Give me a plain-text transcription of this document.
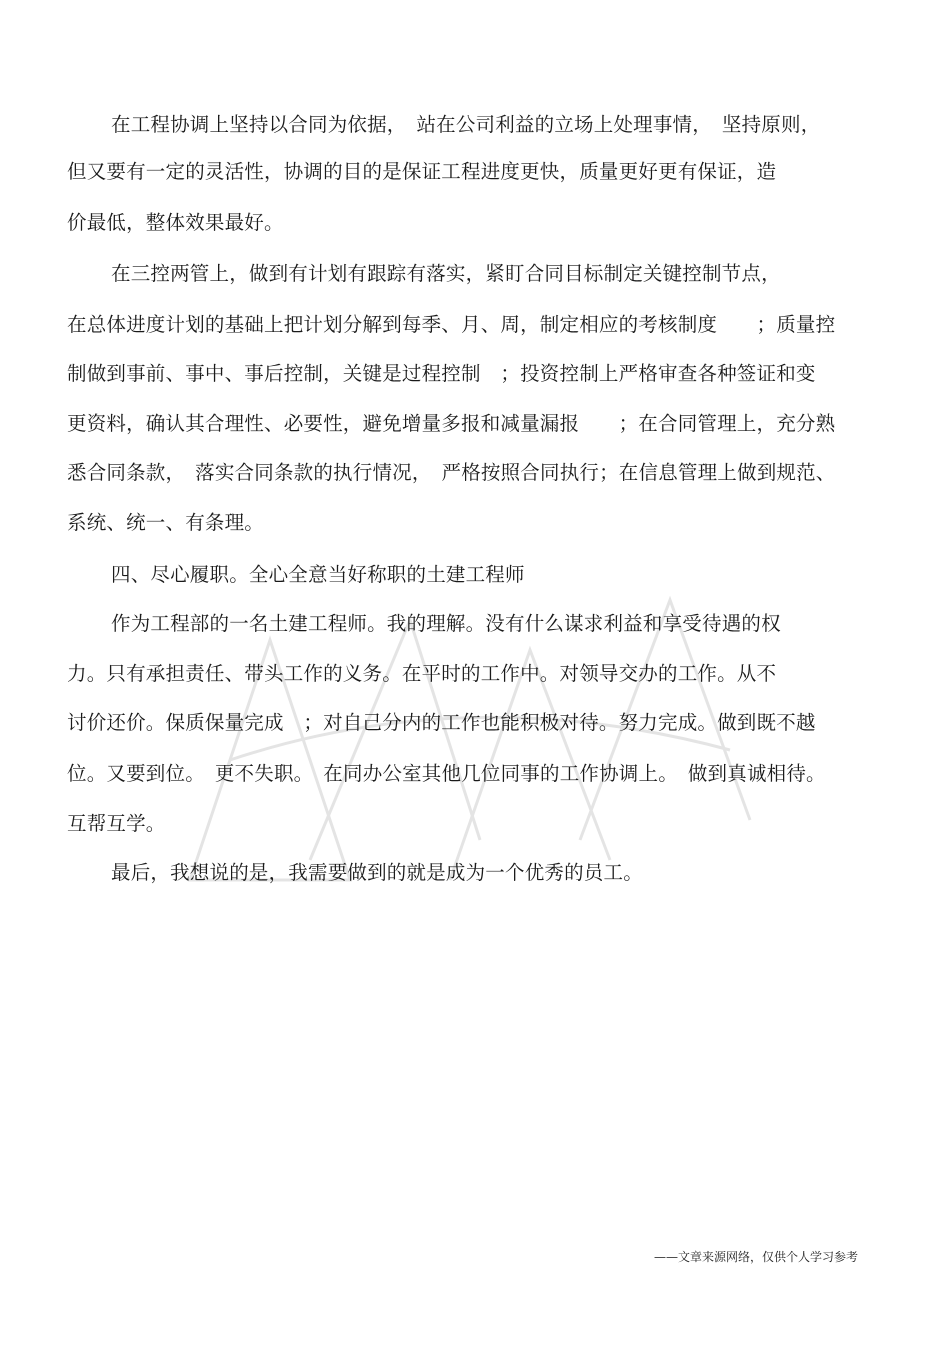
在工程协调上坚持以合同为依据，　站在公司利益的立场上处理事情，　坚持原则，
但又要有一定的灵活性，协调的目的是保证工程进度更快，质量更好更有保证，造
价最低，整体效果最好。
在三控两管上，做到有计划有跟踪有落实，紧盯合同目标制定关键控制节点，
在总体进度计划的基础上把计划分解到每季、月、周，制定相应的考核制度　　；质量控
制做到事前、事中、事后控制，关键是过程控制　；投资控制上严格审查各种签证和变
更资料，确认其合理性、必要性，避免增量多报和减量漏报　　；在合同管理上，充分熟
悉合同条款，　落实合同条款的执行情况，　严格按照合同执行；在信息管理上做到规范、
系统、统一、有条理。
四、尽心履职。全心全意当好称职的土建工程师
作为工程部的一名土建工程师。我的理解。没有什么谋求利益和享受待遇的权
力。只有承担责任、带头工作的义务。在平时的工作中。对领导交办的工作。从不
讨价还价。保质保量完成　；对自己分内的工作也能积极对待。努力完成。做到既不越
位。又要到位。　更不失职。　在同办公室其他几位同事的工作协调上。　做到真诚相待。
互帮互学。
最后，我想说的是，我需要做到的就是成为一个优秀的员工。
——文章来源网络，仅供个人学习参考
